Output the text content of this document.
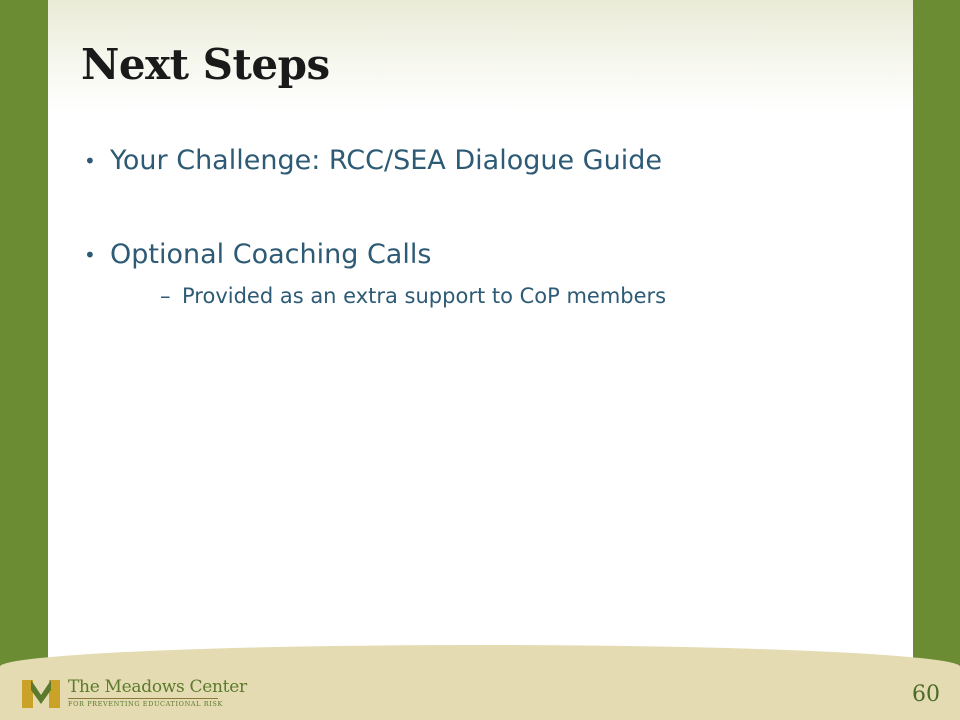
Next Steps
• Your Challenge: RCC/SEA Dialogue Guide
• Optional Coaching Calls
– Provided as an extra support to CoP members
The Meadows Center
FOR PREVENTING EDUCATIONAL RISK	60
